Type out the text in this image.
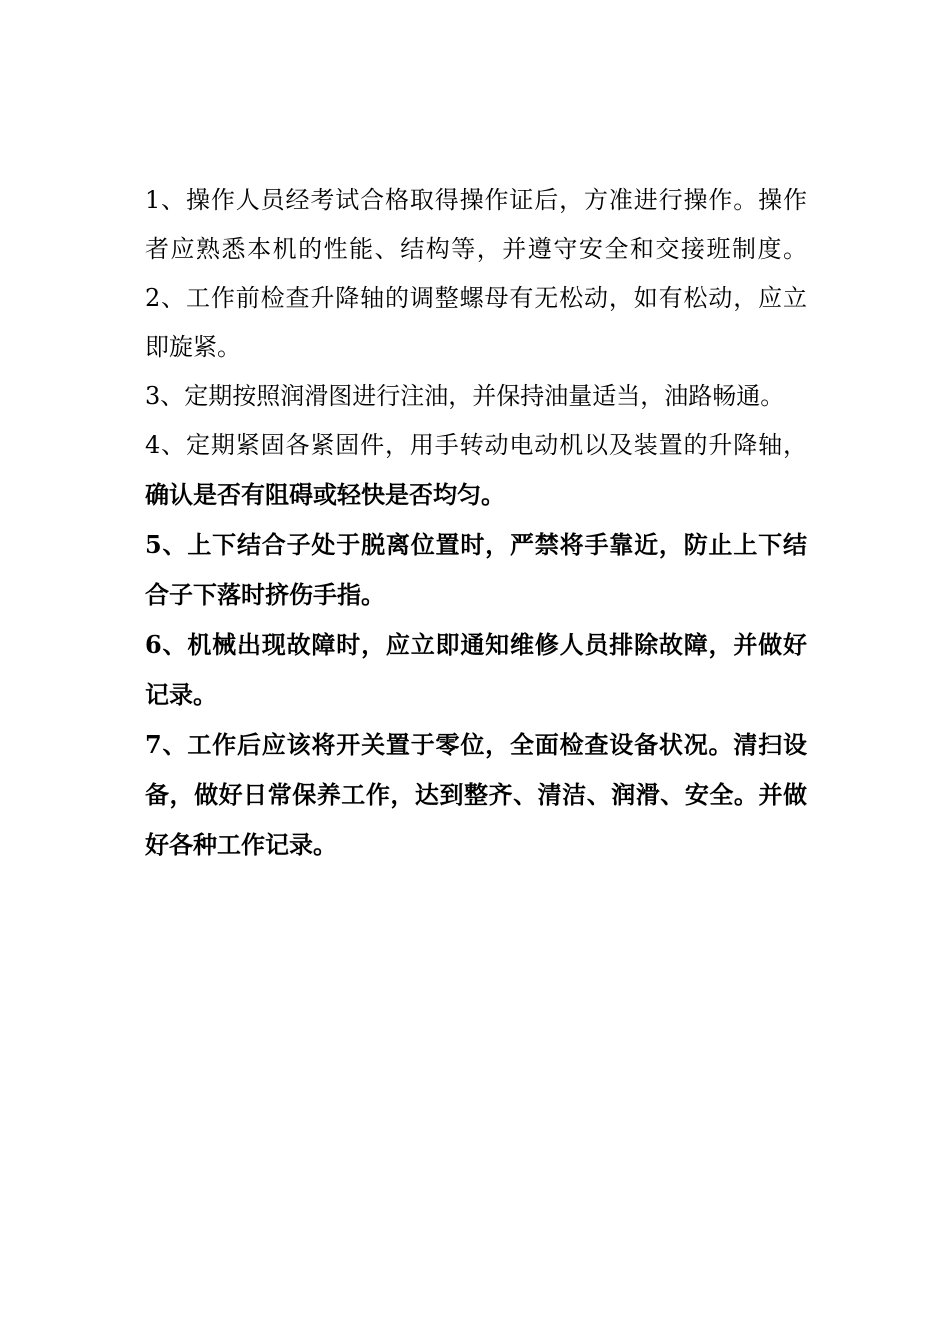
1、操作人员经考试合格取得操作证后，方准进行操作。操作者应熟悉本机的性能、结构等，并遵守安全和交接班制度。2、工作前检查升降轴的调整螺母有无松动，如有松动，应立即旋紧。

3、定期按照润滑图进行注油，并保持油量适当，油路畅通。

4、定期紧固各紧固件，用手转动电动机以及装置的升降轴，确认是否有阻碍或轻快是否均匀。

5、上下结合子处于脱离位置时，严禁将手靠近，防止上下结合子下落时挤伤手指。

6、机械出现故障时，应立即通知维修人员排除故障，并做好记录。

7、工作后应该将开关置于零位，全面检查设备状况。清扫设备，做好日常保养工作，达到整齐、清洁、润滑、安全。并做好各种工作记录。
